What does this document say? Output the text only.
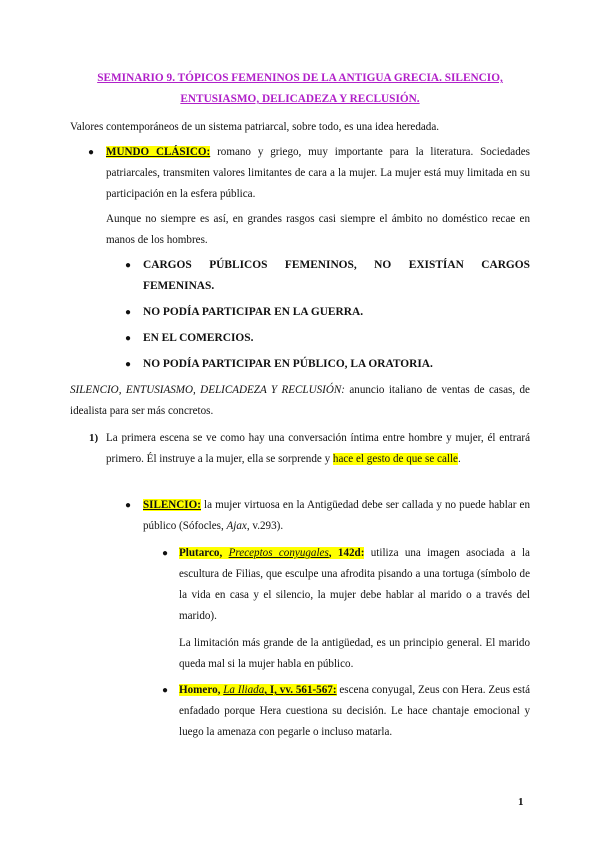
SEMINARIO 9. TÓPICOS FEMENINOS DE LA ANTIGUA GRECIA. SILENCIO,
ENTUSIASMO, DELICADEZA Y RECLUSIÓN.
Valores contemporáneos de un sistema patriarcal, sobre todo, es una idea heredada.
● MUNDO CLÁSICO: romano y griego, muy importante para la literatura. Sociedades patriarcales, transmiten valores limitantes de cara a la mujer. La mujer está muy limitada en su participación en la esfera pública.
Aunque no siempre es así, en grandes rasgos casi siempre el ámbito no doméstico recae en manos de los hombres.
● CARGOS PÚBLICOS FEMENINOS, NO EXISTÍAN CARGOS FEMENINAS.
● NO PODÍA PARTICIPAR EN LA GUERRA.
● EN EL COMERCIOS.
● NO PODÍA PARTICIPAR EN PÚBLICO, LA ORATORIA.
SILENCIO, ENTUSIASMO, DELICADEZA Y RECLUSIÓN: anuncio italiano de ventas de casas, de idealista para ser más concretos.
1) La primera escena se ve como hay una conversación íntima entre hombre y mujer, él entrará primero. Él instruye a la mujer, ella se sorprende y hace el gesto de que se calle.
● SILENCIO: la mujer virtuosa en la Antigüedad debe ser callada y no puede hablar en público (Sófocles, Ajax, v.293).
● Plutarco, Preceptos conyugales, 142d: utiliza una imagen asociada a la escultura de Filias, que esculpe una afrodita pisando a una tortuga (símbolo de la vida en casa y el silencio, la mujer debe hablar al marido o a través del marido).
La limitación más grande de la antigüedad, es un principio general. El marido queda mal si la mujer habla en público.
● Homero, La Iliada, I, vv. 561-567: escena conyugal, Zeus con Hera. Zeus está enfadado porque Hera cuestiona su decisión. Le hace chantaje emocional y luego la amenaza con pegarle o incluso matarla.
1
